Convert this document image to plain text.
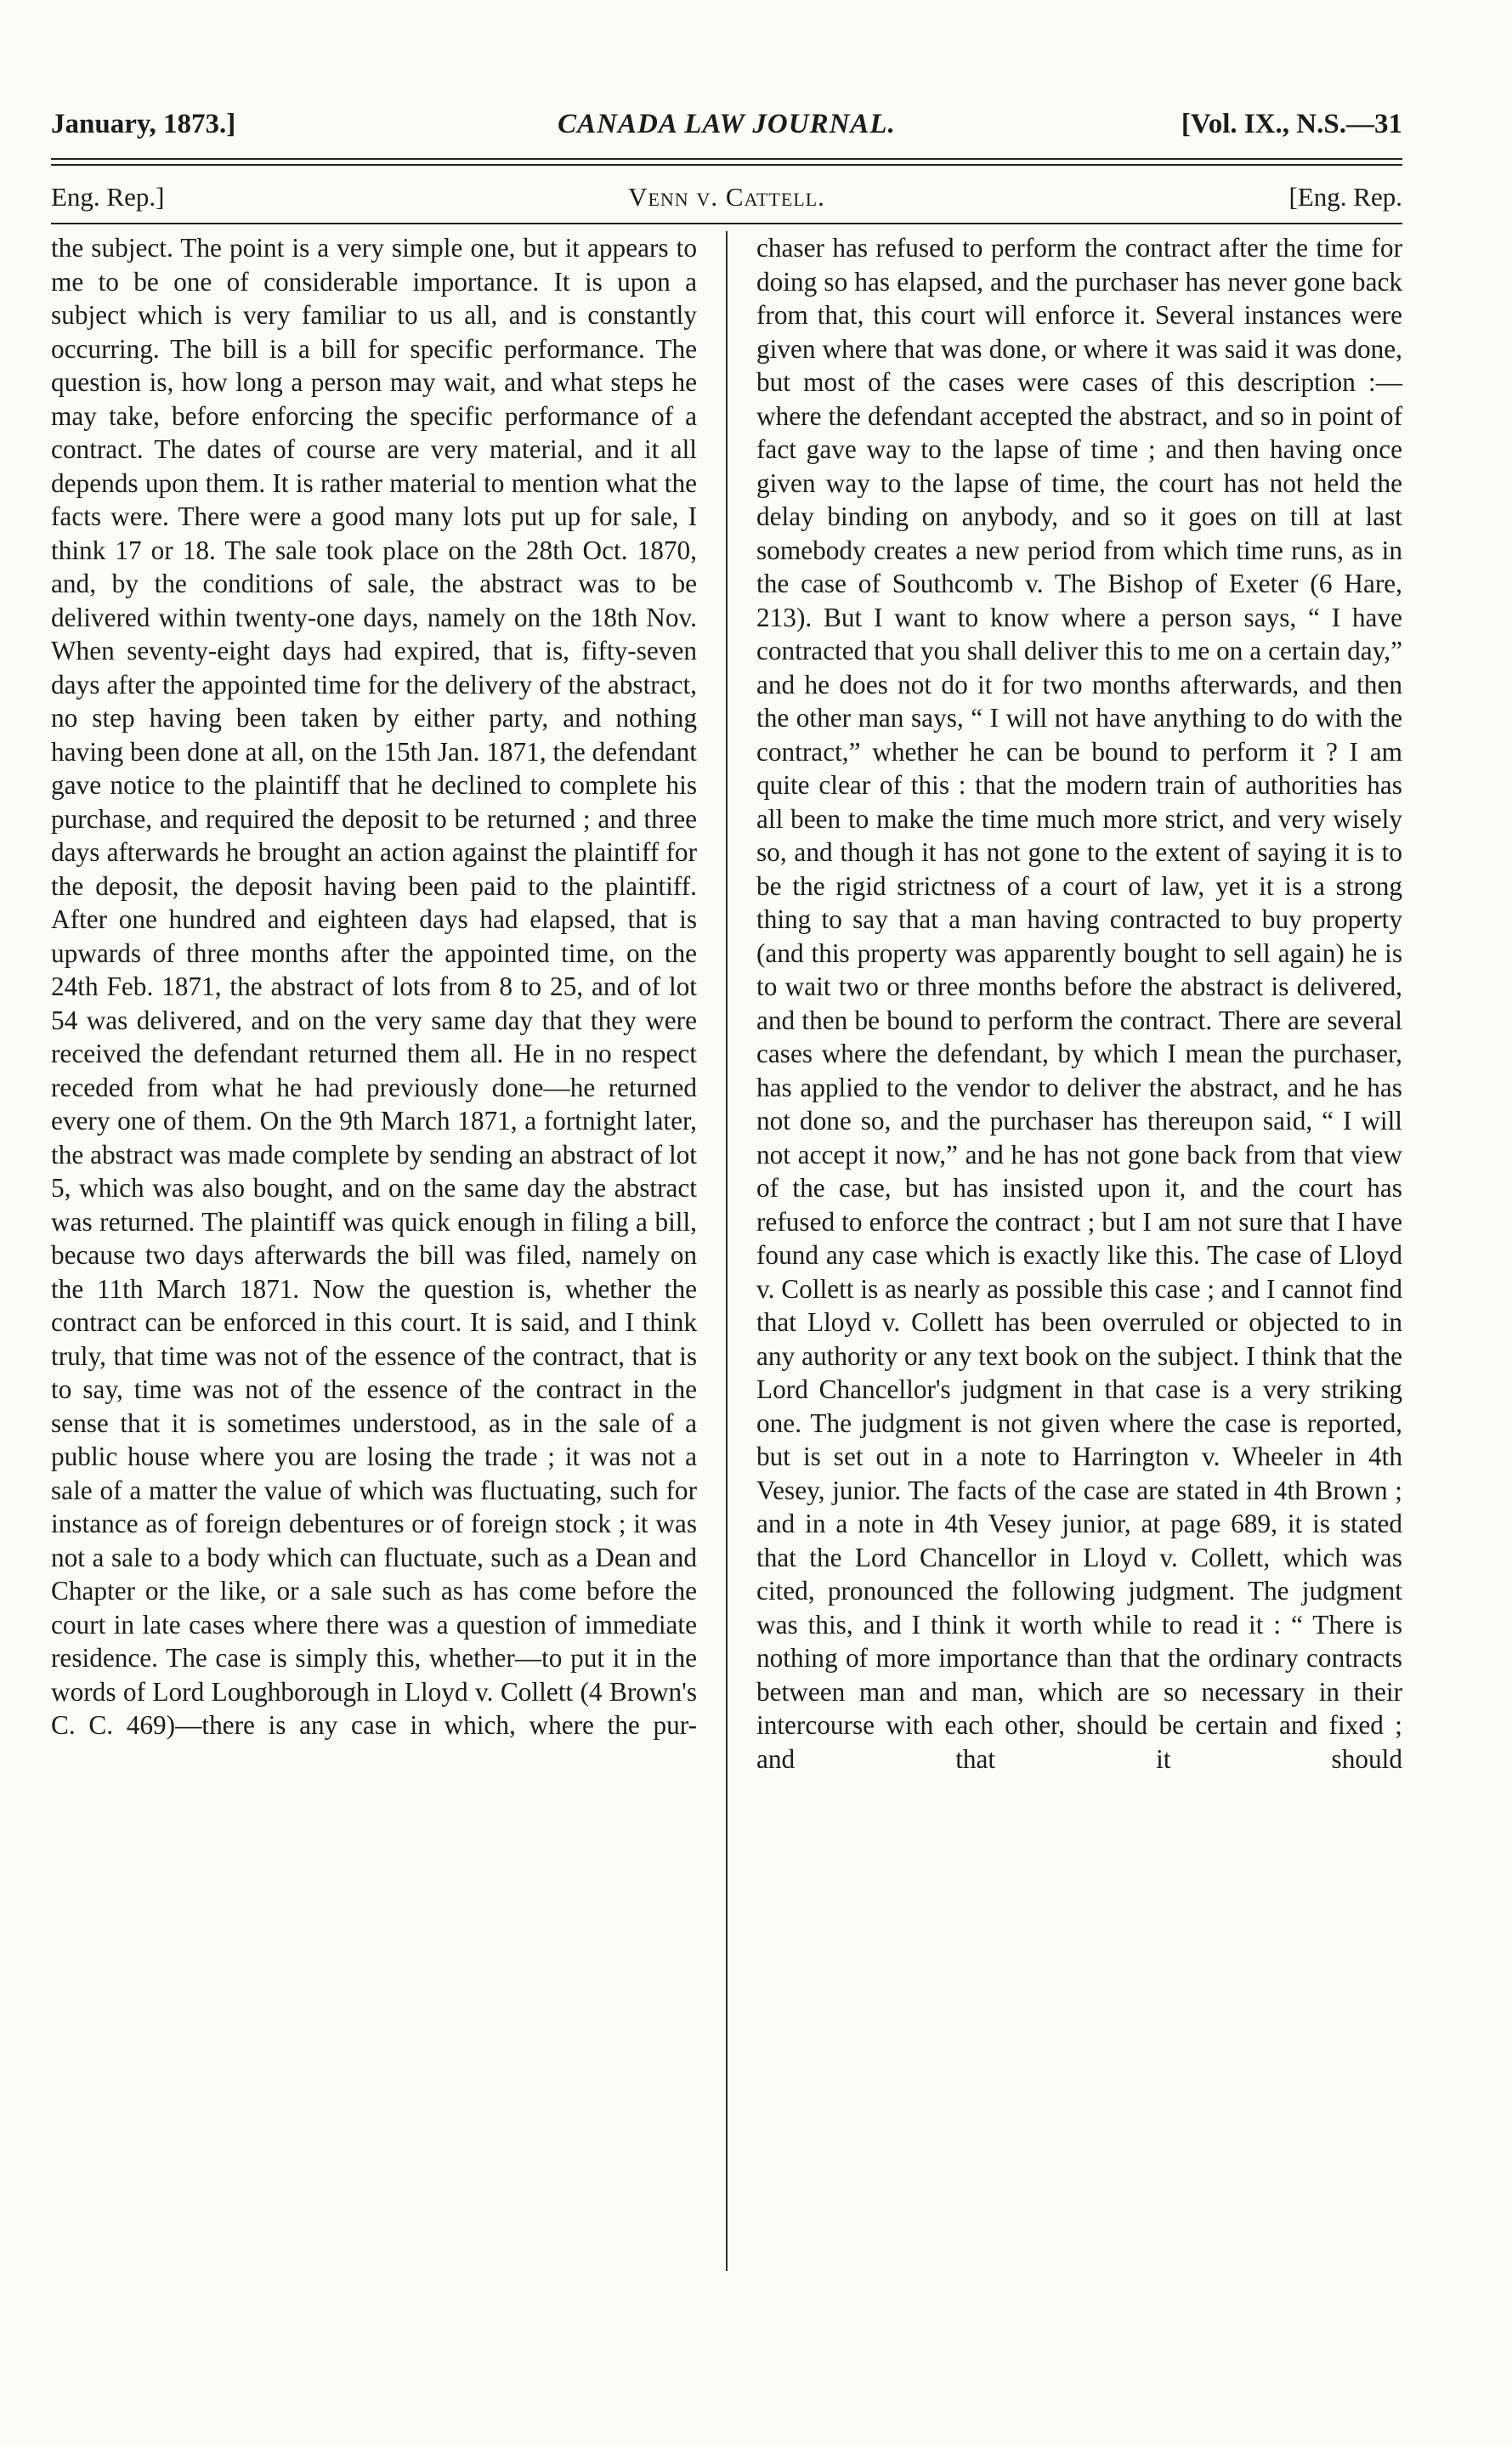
CANADA LAW JOURNAL.
January, 1873.]	[Vol. IX., N.S.—31
Venn v. Cattell.
Eng. Rep.]	[Eng. Rep.

the subject. The point is a very simple one, but it appears to me to be one of considerable importance. It is upon a subject which is very familiar to us all, and is constantly occurring. The bill is a bill for specific performance. The question is, how long a person may wait, and what steps he may take, before enforcing the specific performance of a contract. The dates of course are very material, and it all depends upon them. It is rather material to mention what the facts were. There were a good many lots put up for sale, I think 17 or 18. The sale took place on the 28th Oct. 1870, and, by the conditions of sale, the abstract was to be delivered within twenty-one days, namely on the 18th Nov. When seventy-eight days had expired, that is, fifty-seven days after the appointed time for the delivery of the abstract, no step having been taken by either party, and nothing having been done at all, on the 15th Jan. 1871, the defendant gave notice to the plaintiff that he declined to complete his purchase, and required the deposit to be returned ; and three days afterwards he brought an action against the plaintiff for the deposit, the deposit having been paid to the plaintiff. After one hundred and eighteen days had elapsed, that is upwards of three months after the appointed time, on the 24th Feb. 1871, the abstract of lots from 8 to 25, and of lot 54 was delivered, and on the very same day that they were received the defendant returned them all. He in no respect receded from what he had previously done—he returned every one of them. On the 9th March 1871, a fortnight later, the abstract was made complete by sending an abstract of lot 5, which was also bought, and on the same day the abstract was returned. The plaintiff was quick enough in filing a bill, because two days afterwards the bill was filed, namely on the 11th March 1871. Now the question is, whether the contract can be enforced in this court. It is said, and I think truly, that time was not of the essence of the contract, that is to say, time was not of the essence of the contract in the sense that it is sometimes understood, as in the sale of a public house where you are losing the trade ; it was not a sale of a matter the value of which was fluctuating, such for instance as of foreign debentures or of foreign stock ; it was not a sale to a body which can fluctuate, such as a Dean and Chapter or the like, or a sale such as has come before the court in late cases where there was a question of immediate residence. The case is simply this, whether—to put it in the words of Lord Loughborough in Lloyd v. Collett (4 Brown's C. C. 469)—there is any case in which, where the pur-

chaser has refused to perform the contract after the time for doing so has elapsed, and the purchaser has never gone back from that, this court will enforce it. Several instances were given where that was done, or where it was said it was done, but most of the cases were cases of this description :—where the defendant accepted the abstract, and so in point of fact gave way to the lapse of time ; and then having once given way to the lapse of time, the court has not held the delay binding on anybody, and so it goes on till at last somebody creates a new period from which time runs, as in the case of Southcomb v. The Bishop of Exeter (6 Hare, 213). But I want to know where a person says, “ I have contracted that you shall deliver this to me on a certain day,” and he does not do it for two months afterwards, and then the other man says, “ I will not have anything to do with the contract,” whether he can be bound to perform it ? I am quite clear of this : that the modern train of authorities has all been to make the time much more strict, and very wisely so, and though it has not gone to the extent of saying it is to be the rigid strictness of a court of law, yet it is a strong thing to say that a man having contracted to buy property (and this property was apparently bought to sell again) he is to wait two or three months before the abstract is delivered, and then be bound to perform the contract. There are several cases where the defendant, by which I mean the purchaser, has applied to the vendor to deliver the abstract, and he has not done so, and the purchaser has thereupon said, “ I will not accept it now,” and he has not gone back from that view of the case, but has insisted upon it, and the court has refused to enforce the contract ; but I am not sure that I have found any case which is exactly like this. The case of Lloyd v. Collett is as nearly as possible this case ; and I cannot find that Lloyd v. Collett has been overruled or objected to in any authority or any text book on the subject. I think that the Lord Chancellor's judgment in that case is a very striking one. The judgment is not given where the case is reported, but is set out in a note to Harrington v. Wheeler in 4th Vesey, junior. The facts of the case are stated in 4th Brown ; and in a note in 4th Vesey junior, at page 689, it is stated that the Lord Chancellor in Lloyd v. Collett, which was cited, pronounced the following judgment. The judgment was this, and I think it worth while to read it : “ There is nothing of more importance than that the ordinary contracts between man and man, which are so necessary in their intercourse with each other, should be certain and fixed ; and that it should
